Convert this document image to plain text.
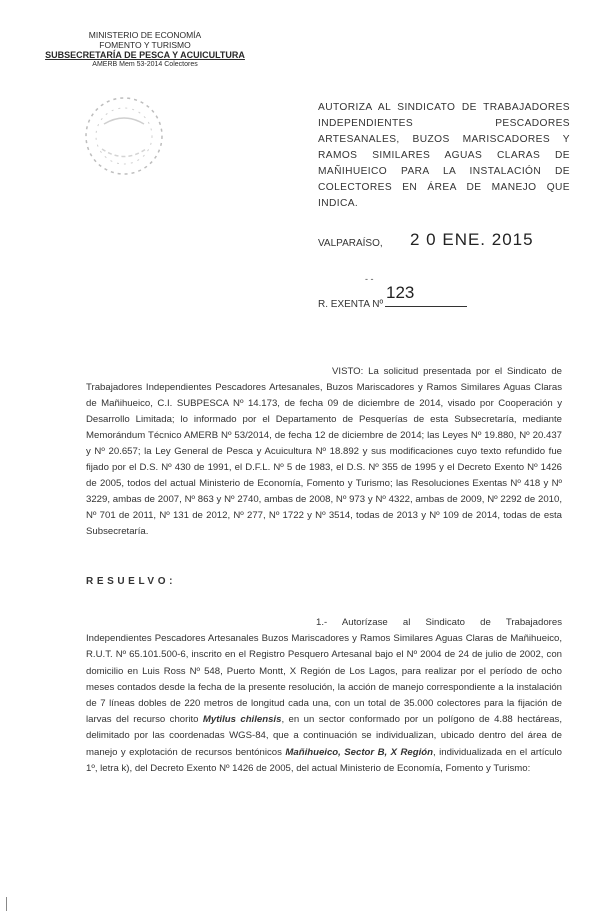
MINISTERIO DE ECONOMÍA
FOMENTO Y TURISMO
SUBSECRETARÍA DE PESCA Y ACUICULTURA
AMERB Mem 53-2014 Colectores
AUTORIZA AL SINDICATO DE TRABAJADORES INDEPENDIENTES PESCADORES ARTESANALES, BUZOS MARISCADORES Y RAMOS SIMILARES AGUAS CLARAS DE MAÑIHUEICO PARA LA INSTALACIÓN DE COLECTORES EN ÁREA DE MANEJO QUE INDICA.
VALPARAÍSO, 2 0 ENE. 2015
- -
123
R. EXENTA Nº
VISTO: La solicitud presentada por el Sindicato de Trabajadores Independientes Pescadores Artesanales, Buzos Mariscadores y Ramos Similares Aguas Claras de Mañihueico, C.I. SUBPESCA Nº 14.173, de fecha 09 de diciembre de 2014, visado por Cooperación y Desarrollo Limitada; lo informado por el Departamento de Pesquerías de esta Subsecretaría, mediante Memorándum Técnico AMERB Nº 53/2014, de fecha 12 de diciembre de 2014; las Leyes Nº 19.880, Nº 20.437 y Nº 20.657; la Ley General de Pesca y Acuicultura Nº 18.892 y sus modificaciones cuyo texto refundido fue fijado por el D.S. Nº 430 de 1991, el D.F.L. Nº 5 de 1983, el D.S. Nº 355 de 1995 y el Decreto Exento Nº 1426 de 2005, todos del actual Ministerio de Economía, Fomento y Turismo; las Resoluciones Exentas Nº 418 y Nº 3229, ambas de 2007, Nº 863 y Nº 2740, ambas de 2008, Nº 973 y Nº 4322, ambas de 2009, Nº 2292 de 2010, Nº 701 de 2011, Nº 131 de 2012, Nº 277, Nº 1722 y Nº 3514, todas de 2013 y Nº 109 de 2014, todas de esta Subsecretaría.
RESUELVO:
1.- Autorízase al Sindicato de Trabajadores Independientes Pescadores Artesanales Buzos Mariscadores y Ramos Similares Aguas Claras de Mañihueico, R.U.T. Nº 65.101.500-6, inscrito en el Registro Pesquero Artesanal bajo el Nº 2004 de 24 de julio de 2002, con domicilio en Luis Ross Nº 548, Puerto Montt, X Región de Los Lagos, para realizar por el período de ocho meses contados desde la fecha de la presente resolución, la acción de manejo correspondiente a la instalación de 7 líneas dobles de 220 metros de longitud cada una, con un total de 35.000 colectores para la fijación de larvas del recurso chorito Mytilus chilensis, en un sector conformado por un polígono de 4.88 hectáreas, delimitado por las coordenadas WGS-84, que a continuación se individualizan, ubicado dentro del área de manejo y explotación de recursos bentónicos Mañihueico, Sector B, X Región, individualizada en el artículo 1º, letra k), del Decreto Exento Nº 1426 de 2005, del actual Ministerio de Economía, Fomento y Turismo:
